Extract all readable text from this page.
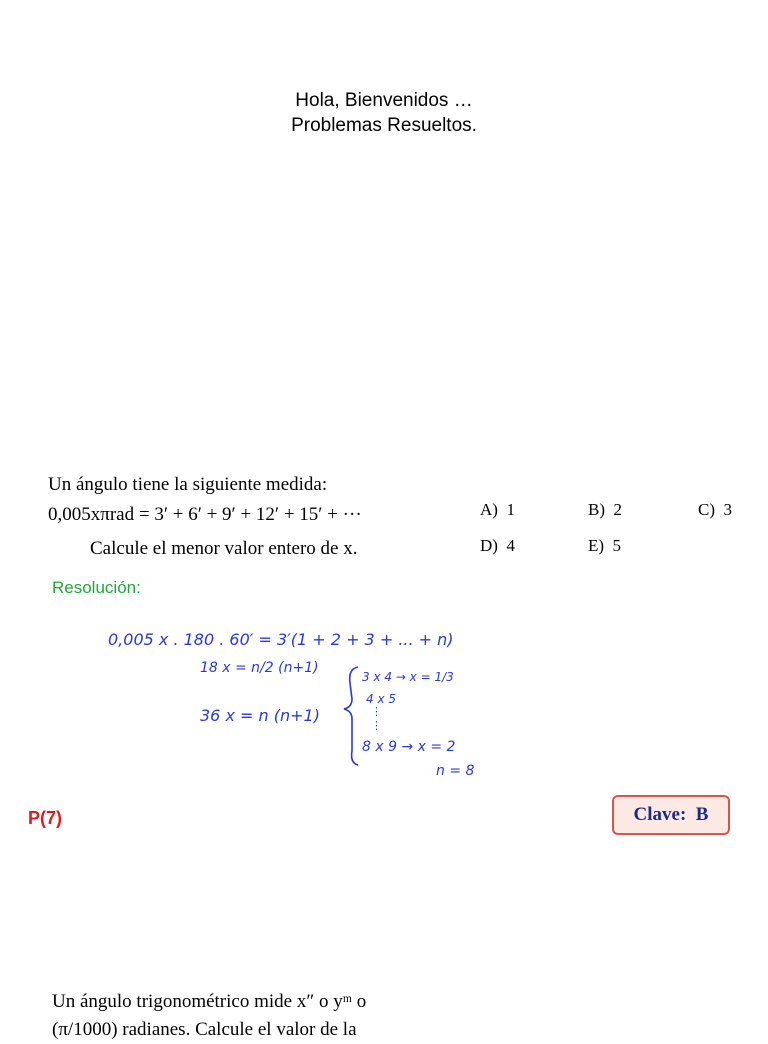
Hola, Bienvenidos …
Problemas Resueltos.
Un ángulo tiene la siguiente medida:
0,005xπrad = 3′ + 6′ + 9′ + 12′ + 15′ + ···
Calcule el menor valor entero de x.
A) 1	B) 2	C) 3
D) 4	E) 5
Resolución:
0,005 x . 180 . 60′ = 3′(1 + 2 + 3 + ... + n)
18 x = n/2 (n+1)
36 x = n (n+1)
3 x 4 → x = 1/3
4 x 5
⋮
⋮
8 x 9 → x = 2
n = 8
P(7)	Clave:  B
Un ángulo trigonométrico mide x″ o yᵐ o
(π/1000) radianes. Calcule el valor de la
